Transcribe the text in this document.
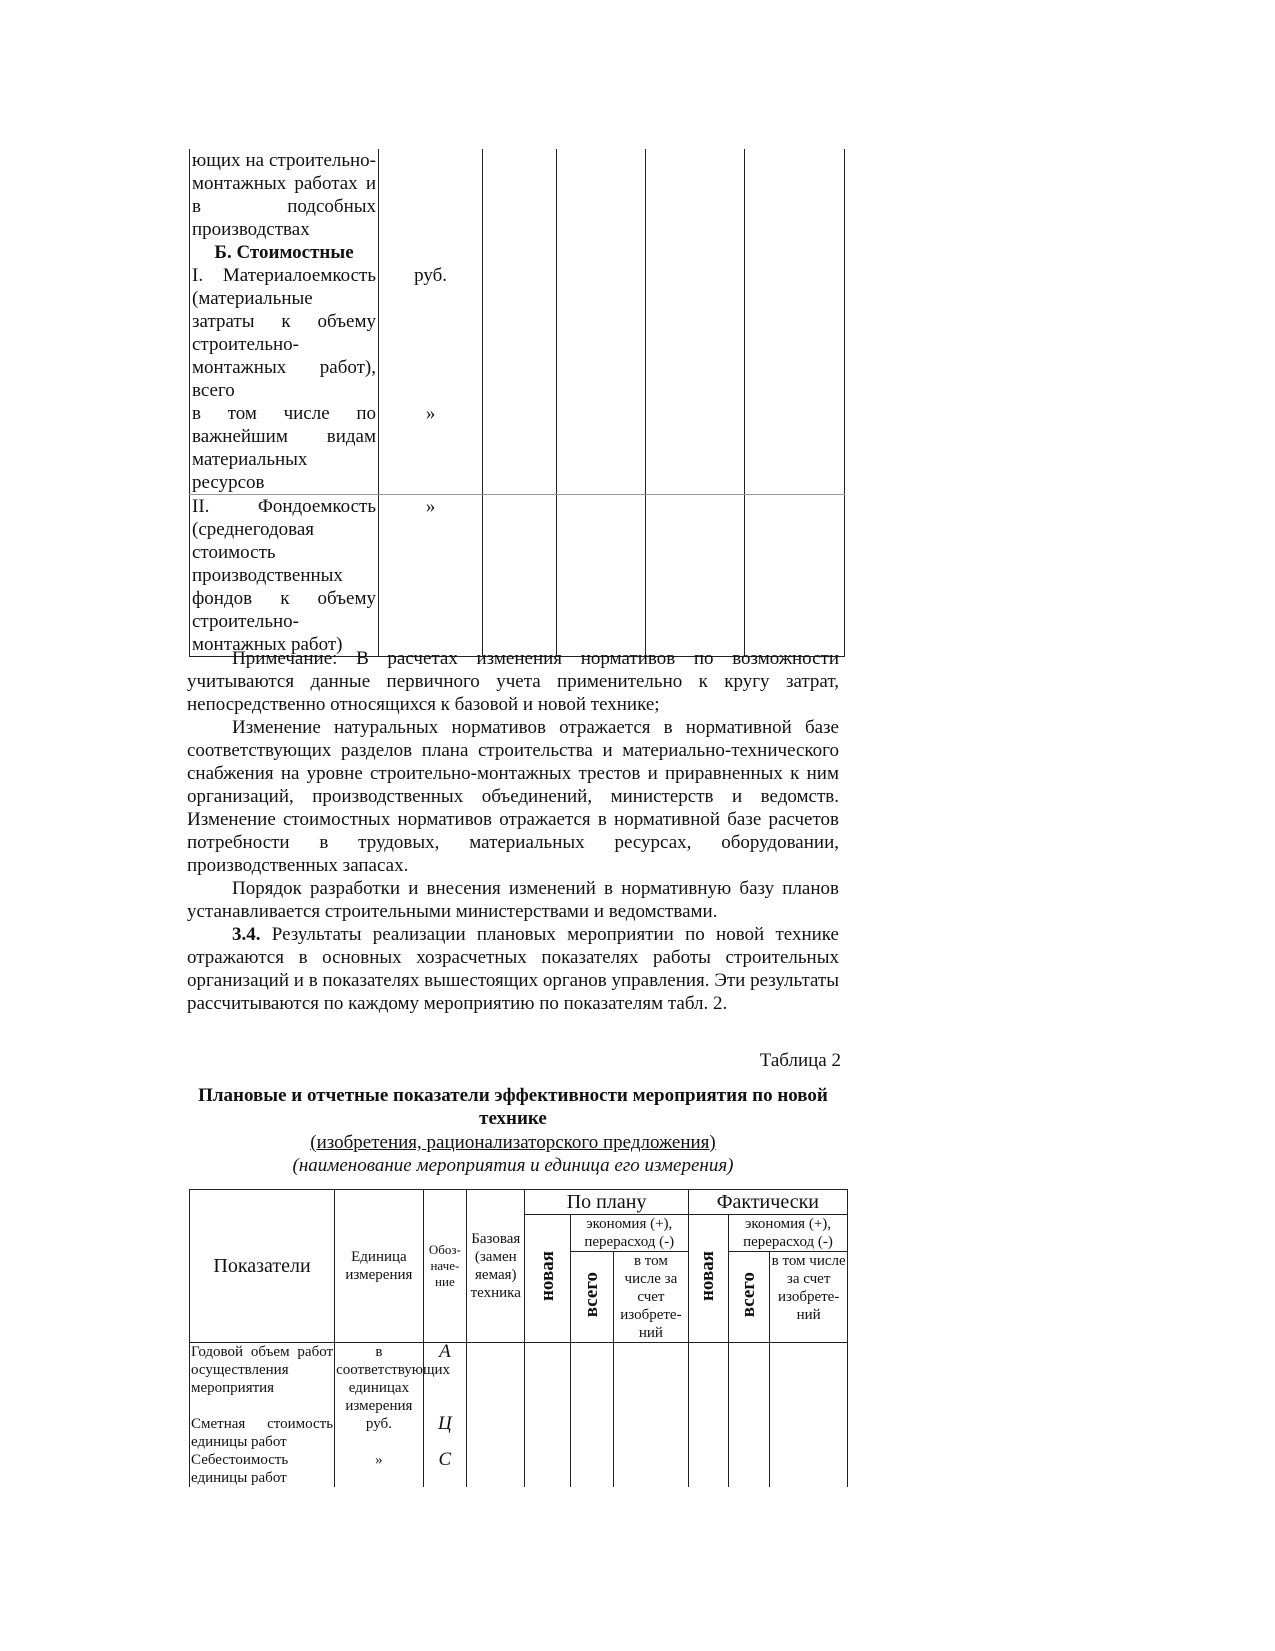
ющих на строительно-монтажных работах и в подсобных производствах					
Б. Стоимостные					
I. Материалоемкость (материальные затраты к объему строительно-монтажных работ), всего	руб.				
в том числе по важнейшим видам материальных ресурсов	»				
II. Фондоемкость (среднегодовая стоимость производственных фондов к объему строительно-монтажных работ)	»				

Примечание: В расчетах изменения нормативов по возможности учитываются данные первичного учета применительно к кругу затрат, непосредственно относящихся к базовой и новой технике;

Изменение натуральных нормативов отражается в нормативной базе соответствующих разделов плана строительства и материально-технического снабжения на уровне строительно-монтажных трестов и приравненных к ним организаций, производственных объединений, министерств и ведомств. Изменение стоимостных нормативов отражается в нормативной базе расчетов потребности в трудовых, материальных ресурсах, оборудовании, производственных запасах.

Порядок разработки и внесения изменений в нормативную базу планов устанавливается строительными министерствами и ведомствами.

3.4. Результаты реализации плановых мероприятии по новой технике отражаются в основных хозрасчетных показателях работы строительных организаций и в показателях вышестоящих органов управления. Эти результаты рассчитываются по каждому мероприятию по показателям табл. 2.

Таблица 2
Плановые и отчетные показатели эффективности мероприятия по новой технике
(изобретения, рационализаторского предложения)
(наименование мероприятия и единица его измерения)
Показатели	Единица измерения	Обоз-наче-ние	Базовая (замен яемая) техника	По плану			Фактически		
				новая	экономия (+), перерасход (-)		новая	экономия (+), перерасход (-)	
					всего	в том числе за счет изобрете-ний		всего	в том числе за счет изобрете-ний
Годовой объем работ осуществления мероприятия	в соответствующих единицах измерения	А							
Сметная стоимость единицы работ	руб.	Ц							
Себестоимость единицы работ	»	С							
